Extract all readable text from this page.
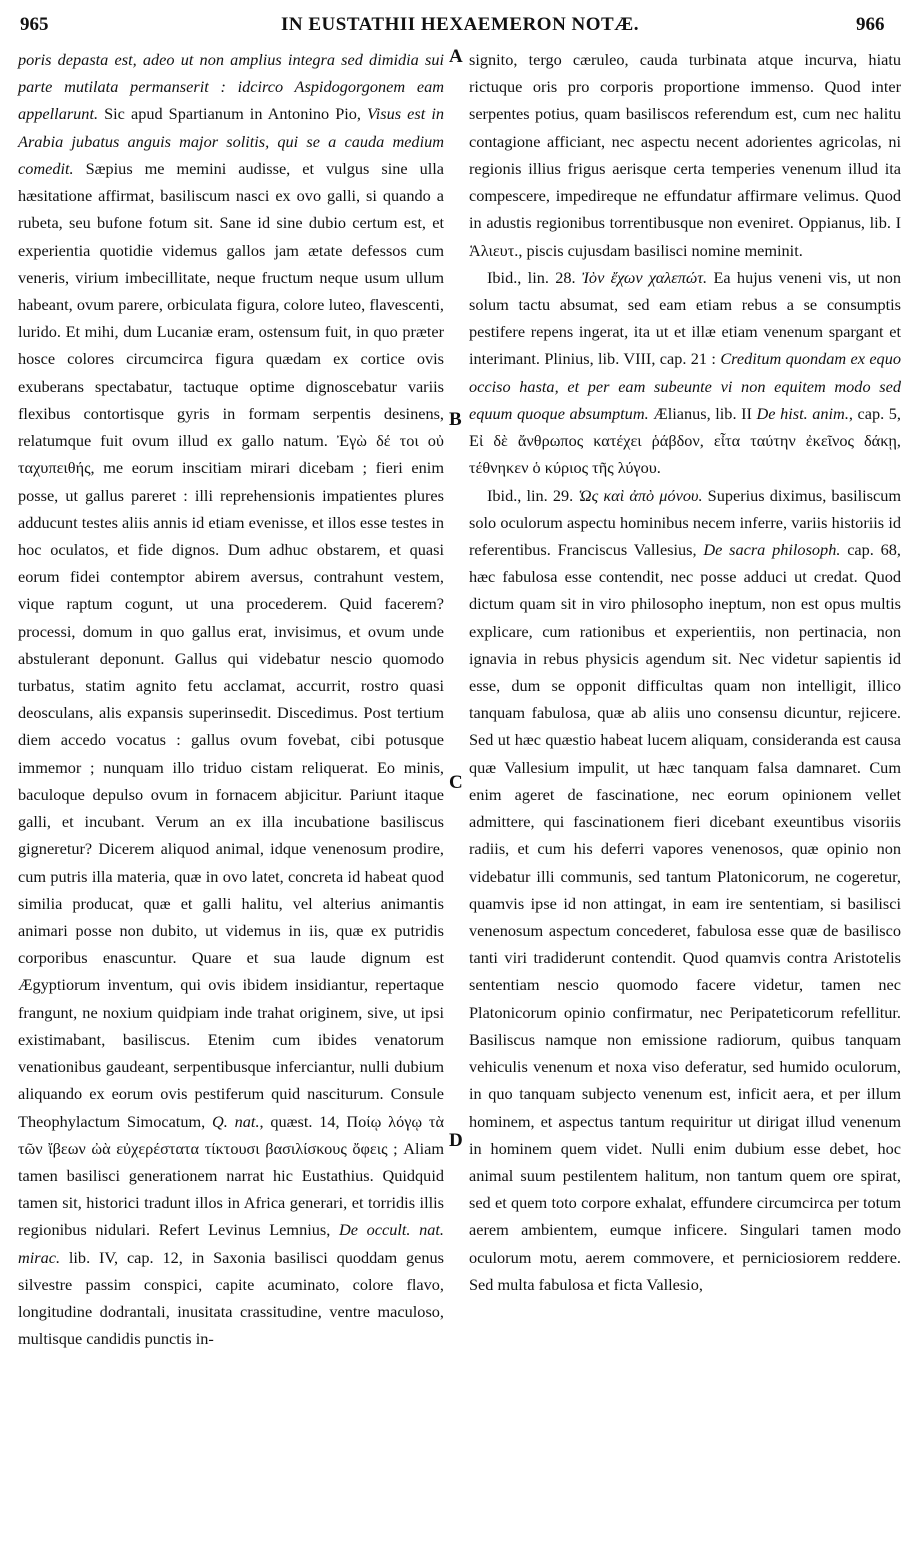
965	IN EUSTATHII HEXAEMERON NOTÆ.	966

poris depasta est, adeo ut non amplius integra sed dimidia sui parte mutilata permanserit : idcirco Aspidogorgonem eam appellarunt. Sic apud Spartianum in Antonino Pio, Visus est in Arabia jubatus anguis major solitis, qui se a cauda medium comedit. Sæpius me memini audisse, et vulgus sine ulla hæsitatione affirmat, basiliscum nasci ex ovo galli, si quando a rubeta, seu bufone fotum sit. Sane id sine dubio certum est, et experientia quotidie videmus gallos jam ætate defessos cum veneris, virium imbecillitate, neque fructum neque usum ullum habeant, ovum parere, orbiculata figura, colore luteo, flavescenti, lurido. Et mihi, dum Lucaniæ eram, ostensum fuit, in quo præter hosce colores circumcirca figura quædam ex cortice ovis exuberans spectabatur, tactuque optime dignoscebatur variis flexibus contortisque gyris in formam serpentis desinens, relatumque fuit ovum illud ex gallo natum. Ἐγὼ δέ τοι οὐ ταχυπειθής, me eorum inscitiam mirari dicebam ; fieri enim posse, ut gallus pareret : illi reprehensionis impatientes plures adducunt testes aliis annis id etiam evenisse, et illos esse testes in hoc oculatos, et fide dignos. Dum adhuc obstarem, et quasi eorum fidei contemptor abirem aversus, contrahunt vestem, vique raptum cogunt, ut una procederem. Quid facerem? processi, domum in quo gallus erat, invisimus, et ovum unde abstulerant deponunt. Gallus qui videbatur nescio quomodo turbatus, statim agnito fetu acclamat, accurrit, rostro quasi deosculans, alis expansis superinsedit. Discedimus. Post tertium diem accedo vocatus : gallus ovum fovebat, cibi potusque immemor ; nunquam illo triduo cistam reliquerat. Eo minis, baculoque depulso ovum in fornacem abjicitur. Pariunt itaque galli, et incubant. Verum an ex illa incubatione basiliscus gigneretur? Dicerem aliquod animal, idque venenosum prodire, cum putris illa materia, quæ in ovo latet, concreta id habeat quod similia producat, quæ et galli halitu, vel alterius animantis animari posse non dubito, ut videmus in iis, quæ ex putridis corporibus enascuntur. Quare et sua laude dignum est Ægyptiorum inventum, qui ovis ibidem insidiantur, repertaque frangunt, ne noxium quidpiam inde trahat originem, sive, ut ipsi existimabant, basiliscus. Etenim cum ibides venatorum venationibus gaudeant, serpentibusque inferciantur, nulli dubium aliquando ex eorum ovis pestiferum quid nasciturum. Consule Theophylactum Simocatum, Q. nat., quæst. 14, Ποίῳ λόγῳ τὰ τῶν ἴβεων ὠὰ εὐχερέστατα τίκτουσι βασιλίσκους ὄφεις ; Aliam tamen basilisci generationem narrat hic Eustathius. Quidquid tamen sit, historici tradunt illos in Africa generari, et torridis illis regionibus nidulari. Refert Levinus Lemnius, De occult. nat. mirac. lib. IV, cap. 12, in Saxonia basilisci quoddam genus silvestre passim conspici, capite acuminato, colore flavo, longitudine dodrantali, inusitata crassitudine, ventre maculoso, multisque candidis punctis in-

A
B
C
D

signito, tergo cæruleo, cauda turbinata atque incurva, hiatu rictuque oris pro corporis proportione immenso. Quod inter serpentes potius, quam basiliscos referendum est, cum nec halitu contagione afficiant, nec aspectu necent adorientes agricolas, ni regionis illius frigus aerisque certa temperies venenum illud ita compescere, impedireque ne effundatur affirmare velimus. Quod in adustis regionibus torrentibusque non eveniret. Oppianus, lib. I Ἁλιευτ., piscis cujusdam basilisci nomine meminit.

Ibid., lin. 28. Ἰὸν ἔχων χαλεπώτ. Ea hujus veneni vis, ut non solum tactu absumat, sed eam etiam rebus a se consumptis pestifere repens ingerat, ita ut et illæ etiam venenum spargant et interimant. Plinius, lib. VIII, cap. 21 : Creditum quondam ex equo occiso hasta, et per eam subeunte vi non equitem modo sed equum quoque absumptum. Ælianus, lib. II De hist. anim., cap. 5, Εἰ δὲ ἄνθρωπος κατέχει ῥάβδον, εἶτα ταύτην ἐκεῖνος δάκῃ, τέθνηκεν ὁ κύριος τῆς λύγου.

Ibid., lin. 29. Ὡς καὶ ἀπὸ μόνου. Superius diximus, basiliscum solo oculorum aspectu hominibus necem inferre, variis historiis id referentibus. Franciscus Vallesius, De sacra philosoph. cap. 68, hæc fabulosa esse contendit, nec posse adduci ut credat. Quod dictum quam sit in viro philosopho ineptum, non est opus multis explicare, cum rationibus et experientiis, non pertinacia, non ignavia in rebus physicis agendum sit. Nec videtur sapientis id esse, dum se opponit difficultas quam non intelligit, illico tanquam fabulosa, quæ ab aliis uno consensu dicuntur, rejicere. Sed ut hæc quæstio habeat lucem aliquam, consideranda est causa quæ Vallesium impulit, ut hæc tanquam falsa damnaret. Cum enim ageret de fascinatione, nec eorum opinionem vellet admittere, qui fascinationem fieri dicebant exeuntibus visoriis radiis, et cum his deferri vapores venenosos, quæ opinio non videbatur illi communis, sed tantum Platonicorum, ne cogeretur, quamvis ipse id non attingat, in eam ire sententiam, si basilisci venenosum aspectum concederet, fabulosa esse quæ de basilisco tanti viri tradiderunt contendit. Quod quamvis contra Aristotelis sententiam nescio quomodo facere videtur, tamen nec Platonicorum opinio confirmatur, nec Peripateticorum refellitur. Basiliscus namque non emissione radiorum, quibus tanquam vehiculis venenum et noxa viso deferatur, sed humido oculorum, in quo tanquam subjecto venenum est, inficit aera, et per illum hominem, et aspectus tantum requiritur ut dirigat illud venenum in hominem quem videt. Nulli enim dubium esse debet, hoc animal suum pestilentem halitum, non tantum quem ore spirat, sed et quem toto corpore exhalat, effundere circumcirca per totum aerem ambientem, eumque inficere. Singulari tamen modo oculorum motu, aerem commovere, et perniciosiorem reddere. Sed multa fabulosa et ficta Vallesio,
